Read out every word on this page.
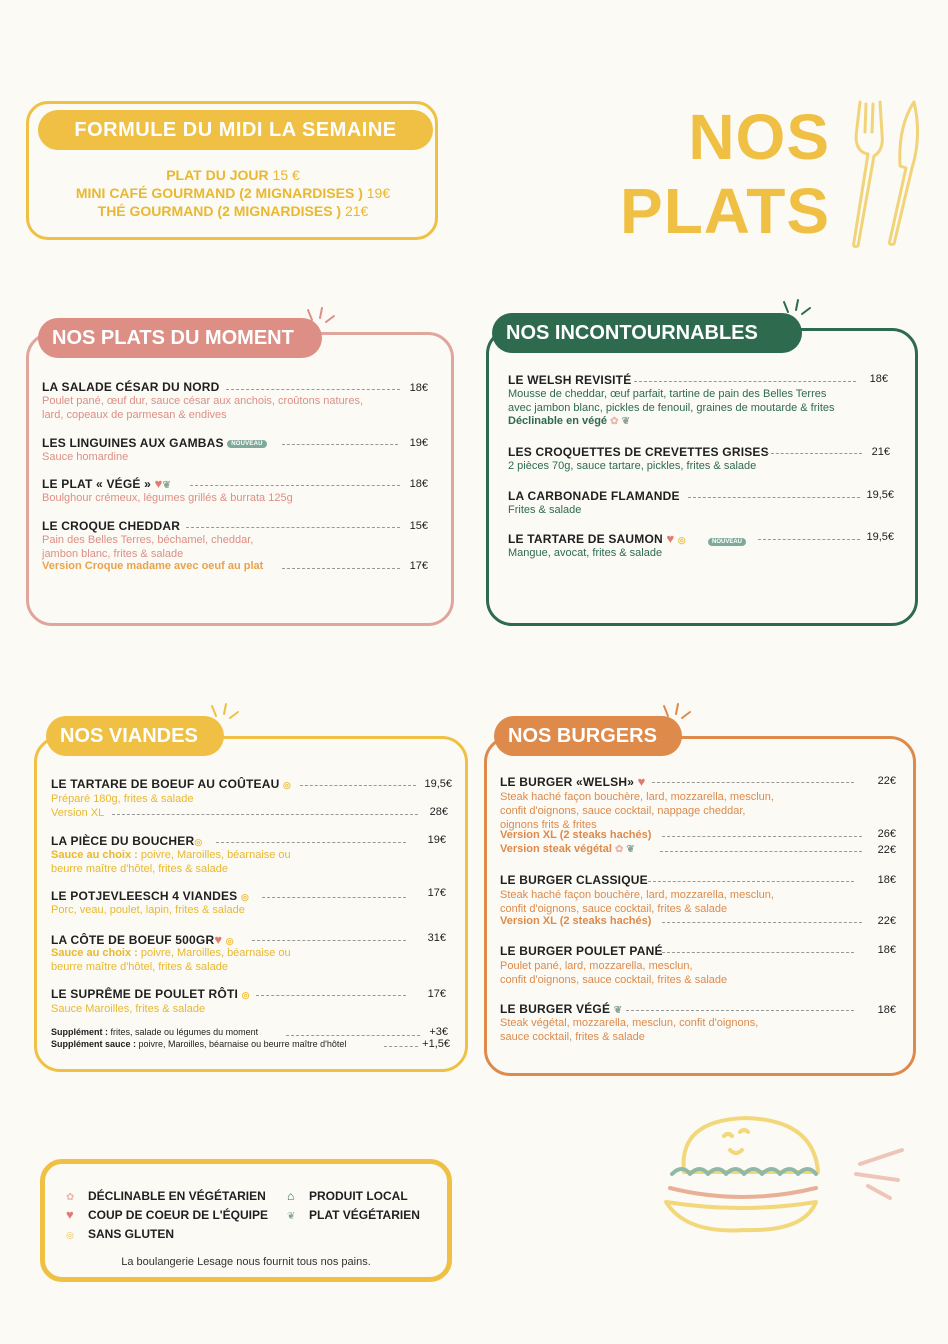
FORMULE DU MIDI LA SEMAINE
PLAT DU JOUR 15 €
MINI CAFÉ GOURMAND (2 MIGNARDISES ) 19€
THÉ GOURMAND (2 MIGNARDISES ) 21€
NOS
PLATS
NOS PLATS DU MOMENT
LA SALADE CÉSAR DU NORD	18€
Poulet pané, œuf dur, sauce césar aux anchois, croûtons natures,
lard, copeaux de parmesan & endives
LES LINGUINES AUX GAMBAS NOUVEAU	19€
Sauce homardine
LE PLAT « VÉGÉ » ♥❦	18€
Boulghour crémeux, légumes grillés & burrata 125g
LE CROQUE CHEDDAR	15€
Pain des Belles Terres, béchamel, cheddar,
jambon blanc, frites & salade
Version Croque madame avec oeuf au plat	17€
NOS INCONTOURNABLES
LE WELSH REVISITÉ	18€
Mousse de cheddar, œuf parfait, tartine de pain des Belles Terres
avec jambon blanc, pickles de fenouil, graines de moutarde & frites
Déclinable en végé ✿ ❦
LES CROQUETTES DE CREVETTES GRISES	21€
2 pièces 70g, sauce tartare, pickles, frites & salade
LA CARBONADE FLAMANDE	19,5€
Frites & salade
LE TARTARE DE SAUMON ♥ ◎	NOUVEAU	19,5€
Mangue, avocat, frites & salade
NOS VIANDES
LE TARTARE DE BOEUF AU COÛTEAU ◎	19,5€
Préparé 180g, frites & salade
Version XL	28€
LA PIÈCE DU BOUCHER◎	19€
Sauce au choix : poivre, Maroilles, béarnaise ou
beurre maître d'hôtel, frites & salade
LE POTJEVLEESCH 4 VIANDES ◎	17€
Porc, veau, poulet, lapin, frites & salade
LA CÔTE DE BOEUF 500GR♥ ◎	31€
Sauce au choix : poivre, Maroilles, béarnaise ou
beurre maître d'hôtel, frites & salade
LE SUPRÊME DE POULET RÔTI ◎	17€
Sauce Maroilles, frites & salade
Supplément : frites, salade ou légumes du moment	+3€
Supplément sauce : poivre, Maroilles, béarnaise ou beurre maître d'hôtel	+1,5€
NOS BURGERS
LE BURGER «WELSH» ♥	22€
Steak haché façon bouchère, lard, mozzarella, mesclun,
confit d'oignons, sauce cocktail, nappage cheddar,
oignons frits & frites
Version XL (2 steaks hachés)	26€
Version steak végétal ✿ ❦	22€
LE BURGER CLASSIQUE	18€
Steak haché façon bouchère, lard, mozzarella, mesclun,
confit d'oignons, sauce cocktail, frites & salade
Version XL (2 steaks hachés)	22€
LE BURGER POULET PANÉ	18€
Poulet pané, lard, mozzarella, mesclun,
confit d'oignons, sauce cocktail, frites & salade
LE BURGER VÉGÉ ❦	18€
Steak végétal, mozzarella, mesclun, confit d'oignons,
sauce cocktail, frites & salade
✿ DÉCLINABLE EN VÉGÉTARIEN
♥ COUP DE COEUR DE L'ÉQUIPE
◎ SANS GLUTEN
⌂ PRODUIT LOCAL
❦ PLAT VÉGÉTARIEN
La boulangerie Lesage nous fournit tous nos pains.
